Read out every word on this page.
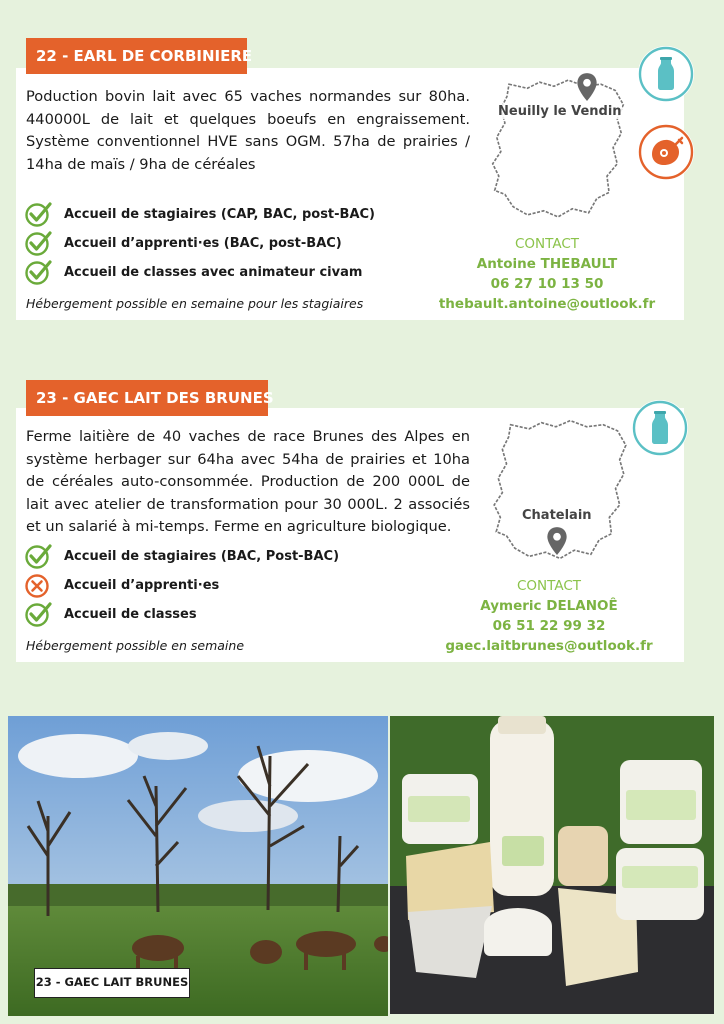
Poduction bovin lait avec 65 vaches normandes sur 80ha. 440000L de lait et quelques boeufs en engraissement. Système conventionnel HVE sans OGM. 57ha de prairies / 14ha de maïs / 9ha de céréales

Accueil de stagiaires (CAP, BAC, post-BAC)
Accueil d’apprenti·es (BAC, post-BAC)
Accueil de classes avec animateur civam

Hébergement possible en semaine pour les stagiaires

Neuilly le Vendin
CONTACT
Antoine THEBAULT
06 27 10 13 50
thebault.antoine@outlook.fr
22 - EARL DE CORBINIERE

Ferme laitière de 40 vaches de race Brunes des Alpes en système herbager sur 64ha avec 54ha de prairies et 10ha de céréales auto-consommée. Production de 200 000L de lait avec atelier de transformation pour 30 000L. 2 associés et un salarié à mi-temps. Ferme en agriculture biologique.

Accueil de stagiaires (BAC, Post-BAC)
Accueil d’apprenti·es
Accueil de classes

Hébergement possible en semaine

Chatelain
CONTACT
Aymeric DELANOÊ
06 51 22 99 32
gaec.laitbrunes@outlook.fr
23 - GAEC LAIT DES BRUNES
23 - GAEC LAIT BRUNES
